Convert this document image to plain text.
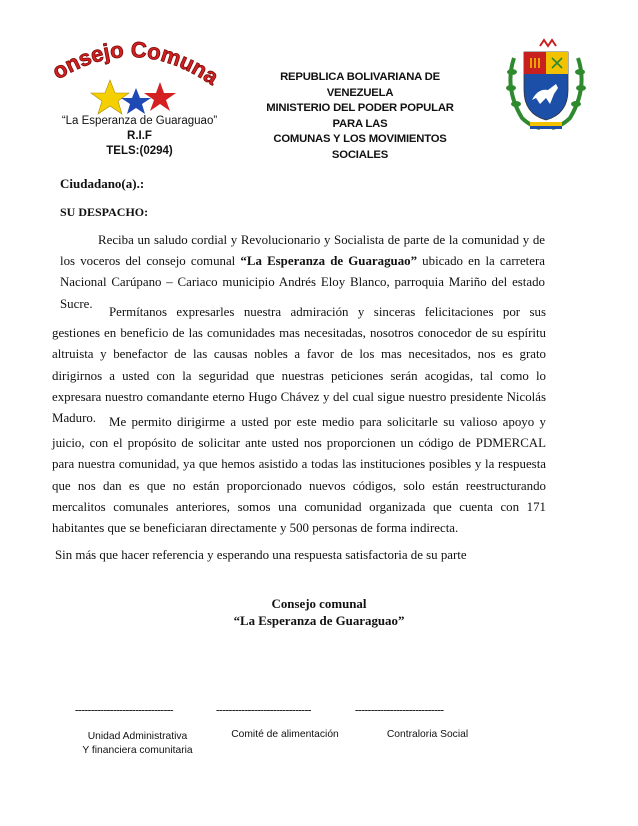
onsejo Comun
“La Esperanza de Guaraguao”
R.I.F
TELS:(0294)
REPUBLICA BOLIVARIANA DE VENEZUELA
MINISTERIO DEL PODER POPULAR PARA LAS
COMUNAS Y LOS MOVIMIENTOS SOCIALES
Ciudadano(a).:
SU DESPACHO:
Reciba un saludo cordial y Revolucionario y Socialista de parte de la comunidad y de los voceros del consejo comunal “La Esperanza de Guaraguao” ubicado en la carretera Nacional Carúpano – Cariaco municipio Andrés Eloy Blanco, parroquia Mariño del estado Sucre.
Permítanos expresarles nuestra admiración y sinceras felicitaciones por sus gestiones en beneficio de las comunidades mas necesitadas, nosotros conocedor de su espíritu altruista y benefactor de las causas nobles a favor de los mas necesitados, nos es grato dirigirnos a usted con la seguridad que nuestras peticiones serán acogidas, tal como lo expresara nuestro comandante eterno Hugo Chávez y del cual sigue nuestro presidente Nicolás Maduro.	Me permito dirigirme a usted por este medio para solicitarle su valioso apoyo y juicio, con el propósito de solicitar ante usted nos proporcionen un código de PDMERCAL para nuestra comunidad, ya que hemos asistido a todas las instituciones posibles y la respuesta que nos dan es que no están proporcionado nuevos códigos, solo están reestructurando mercalitos comunales anteriores, somos una comunidad organizada que cuenta con 171 habitantes que se beneficiaran directamente y 500 personas de forma indirecta.
Sin más que hacer referencia y esperando una respuesta satisfactoria de su parte
Consejo comunal
“La Esperanza de Guaraguao”
-------------------------------	------------------------------	----------------------------
Unidad Administrativa
Y financiera comunitaria
Comité de alimentación	Contraloria Social
